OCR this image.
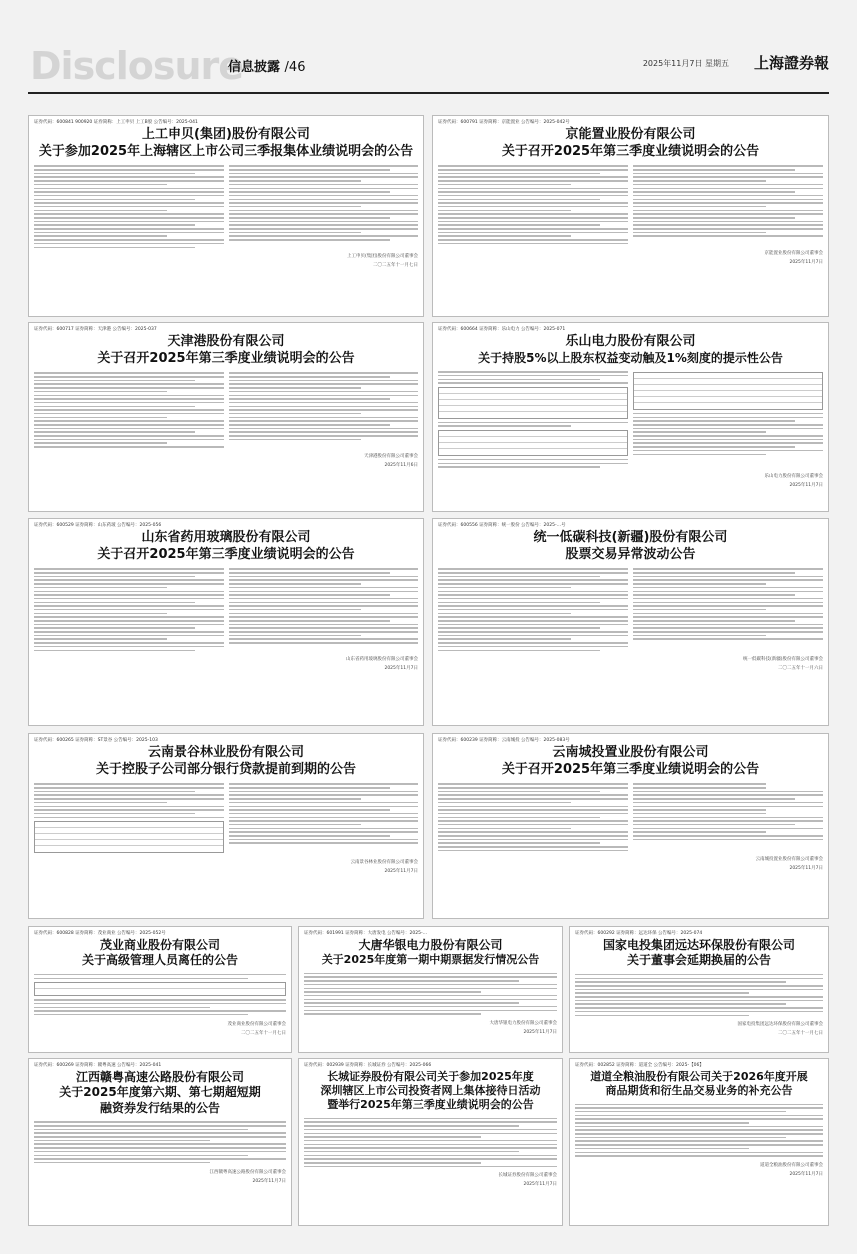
Disclosure
信息披露 /46	2025年11月7日 星期五 上海證券報
证券代码：600841 900920 证券简称：上工申贝 上工B股 公告编号：2025-041
上工申贝(集团)股份有限公司
关于参加2025年上海辖区上市公司三季报集体业绩说明会的公告
上工申贝(集团)股份有限公司董事会
二〇二五年十一月七日
证券代码：600791 证券简称：京能置业 公告编号：2025-042号
京能置业股份有限公司
关于召开2025年第三季度业绩说明会的公告
京能置业股份有限公司董事会
2025年11月7日
证券代码：600717 证券简称：天津港 公告编号：2025-037
天津港股份有限公司
关于召开2025年第三季度业绩说明会的公告
天津港股份有限公司董事会
2025年11月6日
证券代码：600664 证券简称：乐山电力 公告编号：2025-071
乐山电力股份有限公司
关于持股5%以上股东权益变动触及1%刻度的提示性公告
乐山电力股份有限公司董事会
2025年11月7日
证券代码：600529 证券简称：山东药玻 公告编号：2025-056
山东省药用玻璃股份有限公司
关于召开2025年第三季度业绩说明会的公告
山东省药用玻璃股份有限公司董事会
2025年11月7日
证券代码：600556 证券简称：统一股份 公告编号：2025-…号
统一低碳科技(新疆)股份有限公司
股票交易异常波动公告
统一低碳科技(新疆)股份有限公司董事会
二〇二五年十一月六日
证券代码：600265 证券简称：ST景谷 公告编号：2025-103
云南景谷林业股份有限公司
关于控股子公司部分银行贷款提前到期的公告
云南景谷林业股份有限公司董事会
2025年11月7日
证券代码：600239 证券简称：云南城投 公告编号：2025-083号
云南城投置业股份有限公司
关于召开2025年第三季度业绩说明会的公告
云南城投置业股份有限公司董事会
2025年11月7日
证券代码：600828 证券简称：茂业商业 公告编号：2025-052号
茂业商业股份有限公司
关于高级管理人员离任的公告
茂业商业股份有限公司董事会
二〇二五年十一月七日
证券代码：601991 证券简称：大唐发电 公告编号：2025-…
大唐华银电力股份有限公司
关于2025年度第一期中期票据发行情况公告
大唐华银电力股份有限公司董事会
2025年11月7日
证券代码：600292 证券简称：远达环保 公告编号：2025-074
国家电投集团远达环保股份有限公司
关于董事会延期换届的公告
国家电投集团远达环保股份有限公司董事会
二〇二五年十一月七日
证券代码：600269 证券简称：赣粤高速 公告编号：2025-041
江西赣粤高速公路股份有限公司
关于2025年度第六期、第七期超短期
融资券发行结果的公告
江西赣粤高速公路股份有限公司董事会
2025年11月7日
证券代码：002939 证券简称：长城证券 公告编号：2025-066
长城证券股份有限公司关于参加2025年度
深圳辖区上市公司投资者网上集体接待日活动
暨举行2025年第三季度业绩说明会的公告
长城证券股份有限公司董事会
2025年11月7日
证券代码：002852 证券简称：道道全 公告编号：2025-【06】
道道全粮油股份有限公司关于2026年度开展
商品期货和衍生品交易业务的补充公告
道道全粮油股份有限公司董事会
2025年11月7日
